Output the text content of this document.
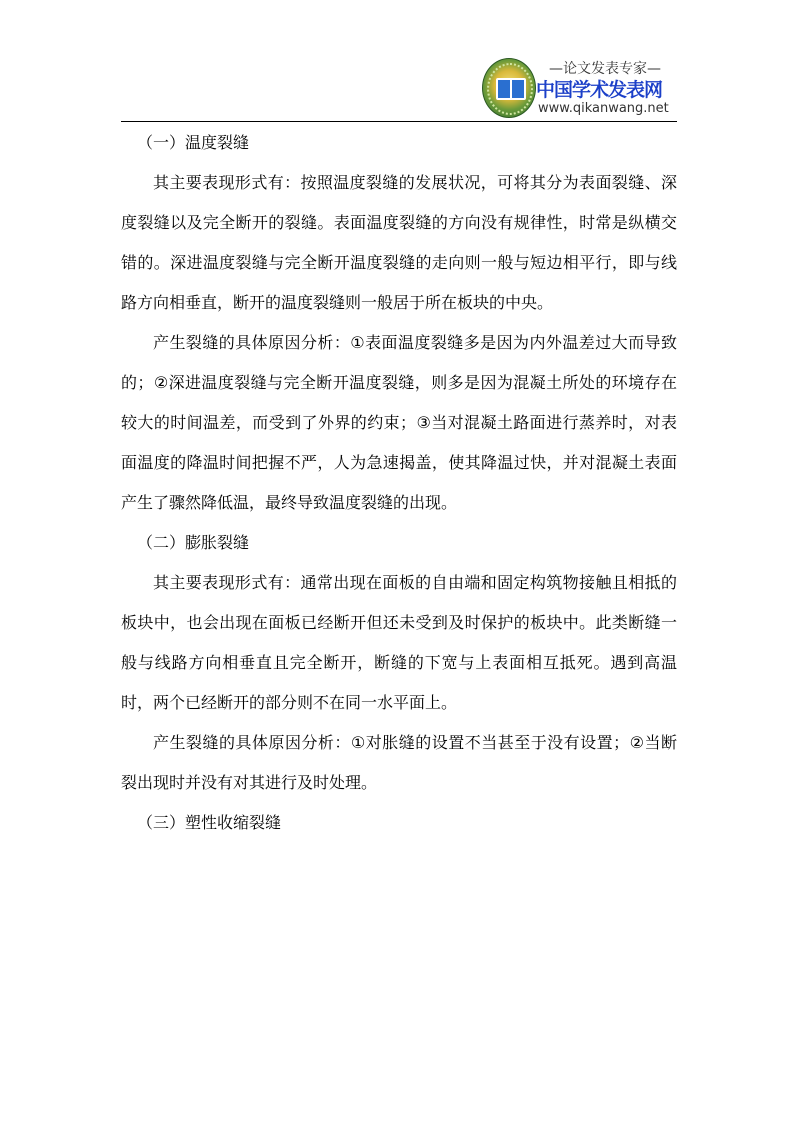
—论文发表专家—
中国学术发表网
www.qikanwang.net

（一）温度裂缝

其主要表现形式有：按照温度裂缝的发展状况，可将其分为表面裂缝、深度裂缝以及完全断开的裂缝。表面温度裂缝的方向没有规律性，时常是纵横交错的。深进温度裂缝与完全断开温度裂缝的走向则一般与短边相平行，即与线路方向相垂直，断开的温度裂缝则一般居于所在板块的中央。

产生裂缝的具体原因分析：①表面温度裂缝多是因为内外温差过大而导致的；②深进温度裂缝与完全断开温度裂缝，则多是因为混凝土所处的环境存在较大的时间温差，而受到了外界的约束；③当对混凝土路面进行蒸养时，对表面温度的降温时间把握不严，人为急速揭盖，使其降温过快，并对混凝土表面产生了骤然降低温，最终导致温度裂缝的出现。

（二）膨胀裂缝

其主要表现形式有：通常出现在面板的自由端和固定构筑物接触且相抵的板块中，也会出现在面板已经断开但还未受到及时保护的板块中。此类断缝一般与线路方向相垂直且完全断开，断缝的下宽与上表面相互抵死。遇到高温时，两个已经断开的部分则不在同一水平面上。

产生裂缝的具体原因分析：①对胀缝的设置不当甚至于没有设置；②当断裂出现时并没有对其进行及时处理。

（三）塑性收缩裂缝
